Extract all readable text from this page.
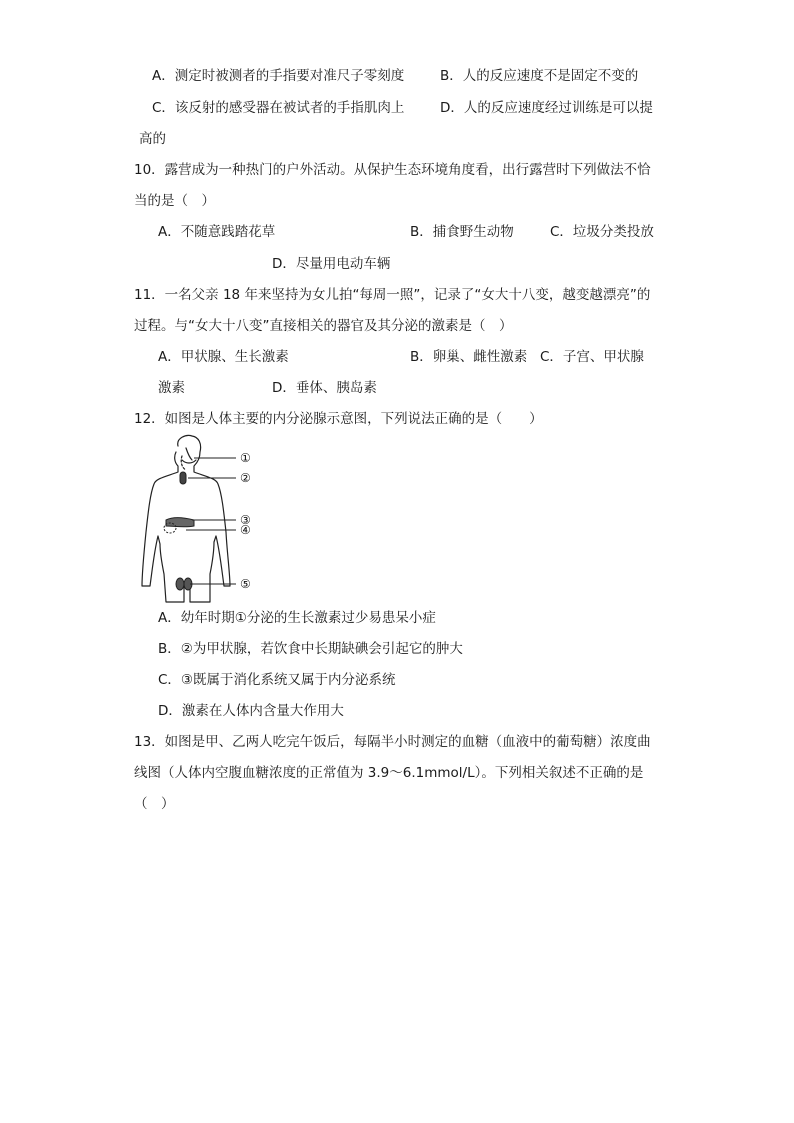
A．测定时被测者的手指要对准尺子零刻度	B．人的反应速度不是固定不变的
C．该反射的感受器在被试者的手指肌肉上	D．人的反应速度经过训练是可以提
高的
10．露营成为一种热门的户外活动。从保护生态环境角度看，出行露营时下列做法不恰
当的是（　）
A．不随意践踏花草	B．捕食野生动物	C．垃圾分类投放
D．尽量用电动车辆
11．一名父亲 18 年来坚持为女儿拍“每周一照”，记录了“女大十八变，越变越漂亮”的
过程。与“女大十八变”直接相关的器官及其分泌的激素是（　）
A．甲状腺、生长激素	B．卵巢、雌性激素 C．子宫、甲状腺
激素	D．垂体、胰岛素
12．如图是人体主要的内分泌腺示意图，下列说法正确的是（　　）
①
②
③
④
⑤
A．幼年时期①分泌的生长激素过少易患呆小症
B．②为甲状腺，若饮食中长期缺碘会引起它的肿大
C．③既属于消化系统又属于内分泌系统
D．激素在人体内含量大作用大
13．如图是甲、乙两人吃完午饭后，每隔半小时测定的血糖（血液中的葡萄糖）浓度曲
线图（人体内空腹血糖浓度的正常值为 3.9～6.1mmol/L）。下列相关叙述不正确的是
（　）
